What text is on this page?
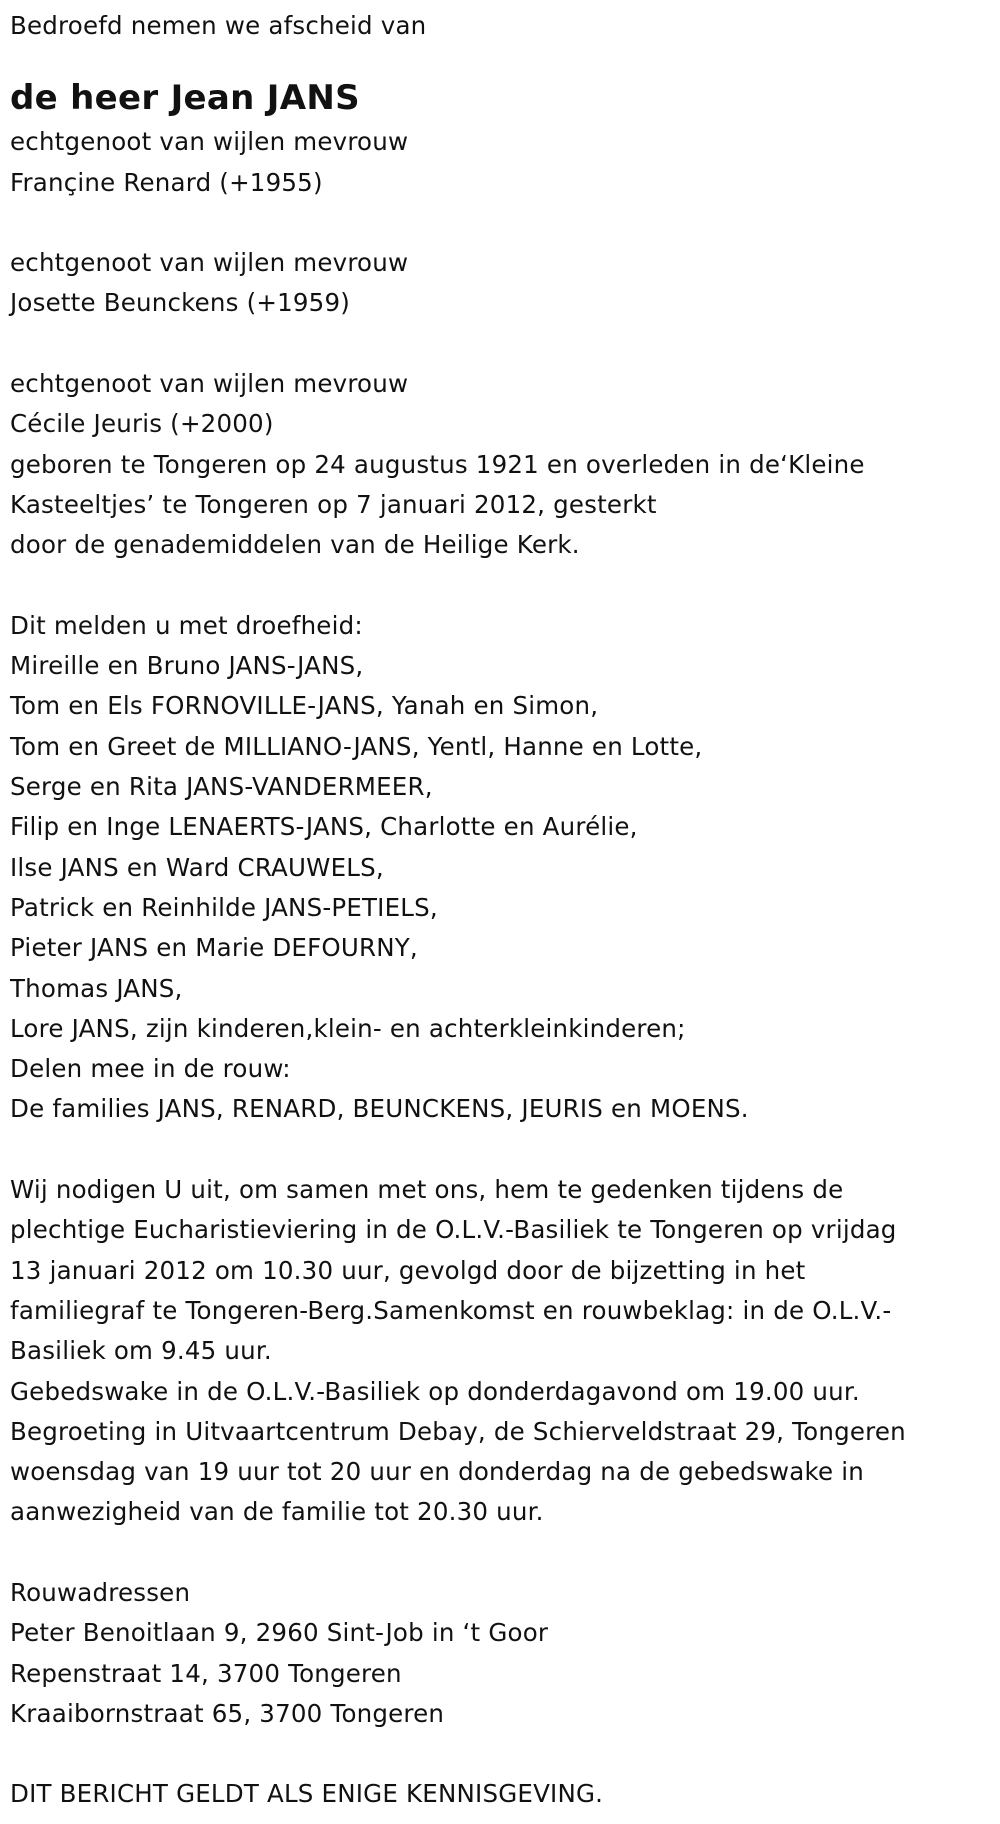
Bedroefd nemen we afscheid van
de heer Jean JANS
echtgenoot van wijlen mevrouw
Françine Renard (+1955)
echtgenoot van wijlen mevrouw
Josette Beunckens (+1959)
echtgenoot van wijlen mevrouw
Cécile Jeuris (+2000)
geboren te Tongeren op 24 augustus 1921 en overleden in de‘Kleine
Kasteeltjes’ te Tongeren op 7 januari 2012, gesterkt
door de genademiddelen van de Heilige Kerk.
Dit melden u met droefheid:
Mireille en Bruno JANS-JANS,
Tom en Els FORNOVILLE-JANS, Yanah en Simon,
Tom en Greet de MILLIANO-JANS, Yentl, Hanne en Lotte,
Serge en Rita JANS-VANDERMEER,
Filip en Inge LENAERTS-JANS, Charlotte en Aurélie,
Ilse JANS en Ward CRAUWELS,
Patrick en Reinhilde JANS-PETIELS,
Pieter JANS en Marie DEFOURNY,
Thomas JANS,
Lore JANS, zijn kinderen,klein- en achterkleinkinderen;
Delen mee in de rouw:
De families JANS, RENARD, BEUNCKENS, JEURIS en MOENS.
Wij nodigen U uit, om samen met ons, hem te gedenken tijdens de
plechtige Eucharistieviering in de O.L.V.-Basiliek te Tongeren op vrijdag
13 januari 2012 om 10.30 uur, gevolgd door de bijzetting in het
familiegraf te Tongeren-Berg.Samenkomst en rouwbeklag: in de O.L.V.-
Basiliek om 9.45 uur.
Gebedswake in de O.L.V.-Basiliek op donderdagavond om 19.00 uur.
Begroeting in Uitvaartcentrum Debay, de Schierveldstraat 29, Tongeren
woensdag van 19 uur tot 20 uur en donderdag na de gebedswake in
aanwezigheid van de familie tot 20.30 uur.
Rouwadressen
Peter Benoitlaan 9, 2960 Sint-Job in ‘t Goor
Repenstraat 14, 3700 Tongeren
Kraaibornstraat 65, 3700 Tongeren
DIT BERICHT GELDT ALS ENIGE KENNISGEVING.
